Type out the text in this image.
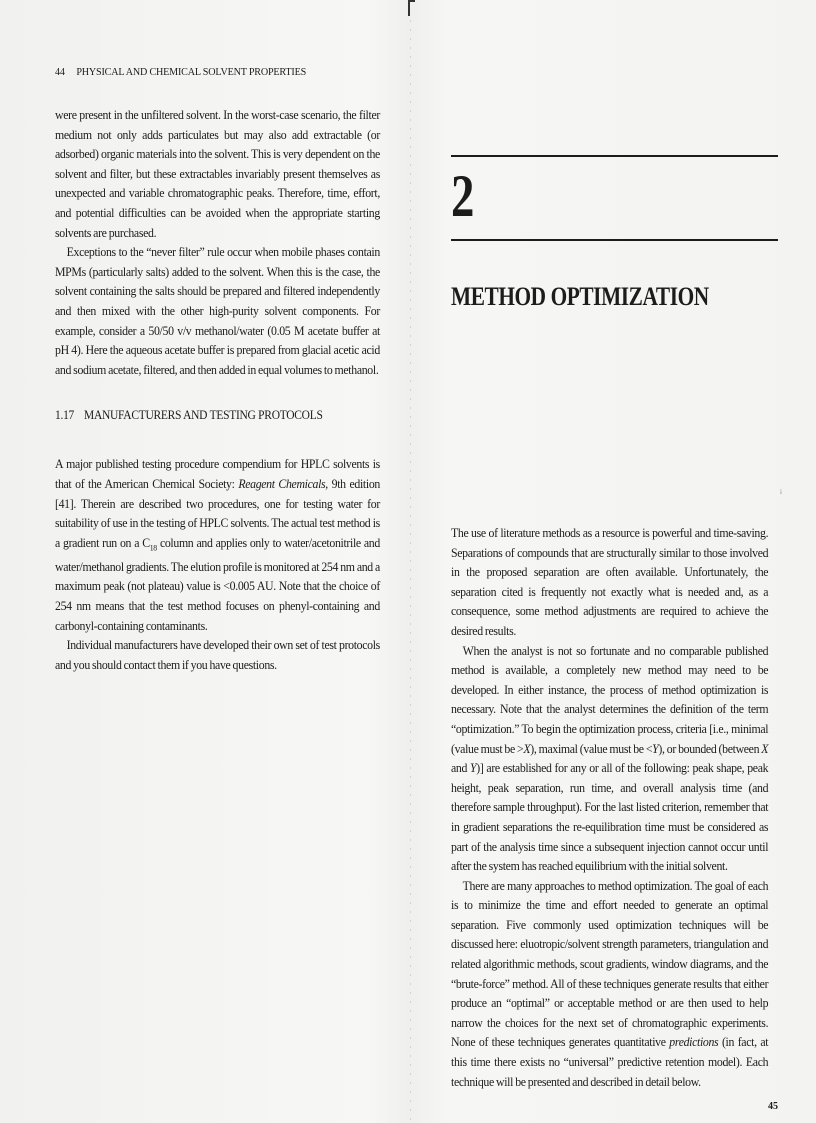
44 PHYSICAL AND CHEMICAL SOLVENT PROPERTIES

were present in the unfiltered solvent. In the worst-case scenario, the filter medium not only adds particulates but may also add extractable (or adsorbed) organic materials into the solvent. This is very dependent on the solvent and filter, but these extractables invariably present themselves as unexpected and variable chromatographic peaks. Therefore, time, effort, and potential difficulties can be avoided when the appropriate starting solvents are purchased.

Exceptions to the “never filter” rule occur when mobile phases contain MPMs (particularly salts) added to the solvent. When this is the case, the solvent containing the salts should be prepared and filtered independently and then mixed with the other high-purity solvent components. For example, consider a 50/50 v/v methanol/water (0.05 M acetate buffer at pH 4). Here the aqueous acetate buffer is prepared from glacial acetic acid and sodium acetate, filtered, and then added in equal volumes to methanol.

1.17 MANUFACTURERS AND TESTING PROTOCOLS

A major published testing procedure compendium for HPLC solvents is that of the American Chemical Society: Reagent Chemicals, 9th edition [41]. Therein are described two procedures, one for testing water for suitability of use in the testing of HPLC solvents. The actual test method is a gradient run on a $C_{18}$ column and applies only to water/acetonitrile and water/methanol gradients. The elution profile is monitored at 254 nm and a maximum peak (not plateau) value is <0.005 AU. Note that the choice of 254 nm means that the test method focuses on phenyl-containing and carbonyl-containing contaminants.

Individual manufacturers have developed their own set of test protocols and you should contact them if you have questions.

2
METHOD OPTIMIZATION
i

The use of literature methods as a resource is powerful and time-saving. Separations of compounds that are structurally similar to those involved in the proposed separation are often available. Unfortunately, the separation cited is frequently not exactly what is needed and, as a consequence, some method adjustments are required to achieve the desired results.

When the analyst is not so fortunate and no comparable published method is available, a completely new method may need to be developed. In either instance, the process of method optimization is necessary. Note that the analyst determines the definition of the term “optimization.” To begin the optimization process, criteria [i.e., minimal (value must be >X), maximal (value must be <Y), or bounded (between X and Y)] are established for any or all of the following: peak shape, peak height, peak separation, run time, and overall analysis time (and therefore sample throughput). For the last listed criterion, remember that in gradient separations the re-equilibration time must be considered as part of the analysis time since a subsequent injection cannot occur until after the system has reached equilibrium with the initial solvent.

There are many approaches to method optimization. The goal of each is to minimize the time and effort needed to generate an optimal separation. Five commonly used optimization techniques will be discussed here: eluotropic/solvent strength parameters, triangulation and related algorithmic methods, scout gradients, window diagrams, and the “brute-force” method. All of these techniques generate results that either produce an “optimal” or acceptable method or are then used to help narrow the choices for the next set of chromatographic experiments. None of these techniques generates quantitative predictions (in fact, at this time there exists no “universal” predictive retention model). Each technique will be presented and described in detail below.

45
